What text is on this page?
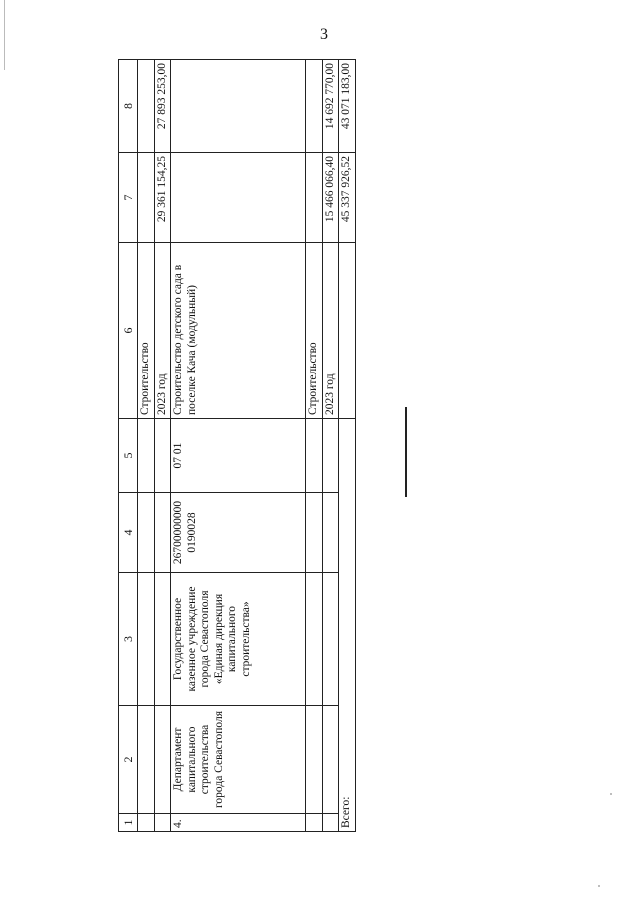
3
1	2	3	4	5	6	7	8
					Строительство		
					2023 год	29 361 154,25	27 893 253,00
4.	Департамент капитального строительства города Севастополя	Государственное казенное учреждение города Севастополя «Единая дирекция капитального строительства»	26700000000 0190028	07 01	Строительство детского сада в поселке Кача (модульный)		
					Строительство		
					2023 год	15 466 066,40	14 692 770,00
Всего:						45 337 926,52	43 071 183,00
